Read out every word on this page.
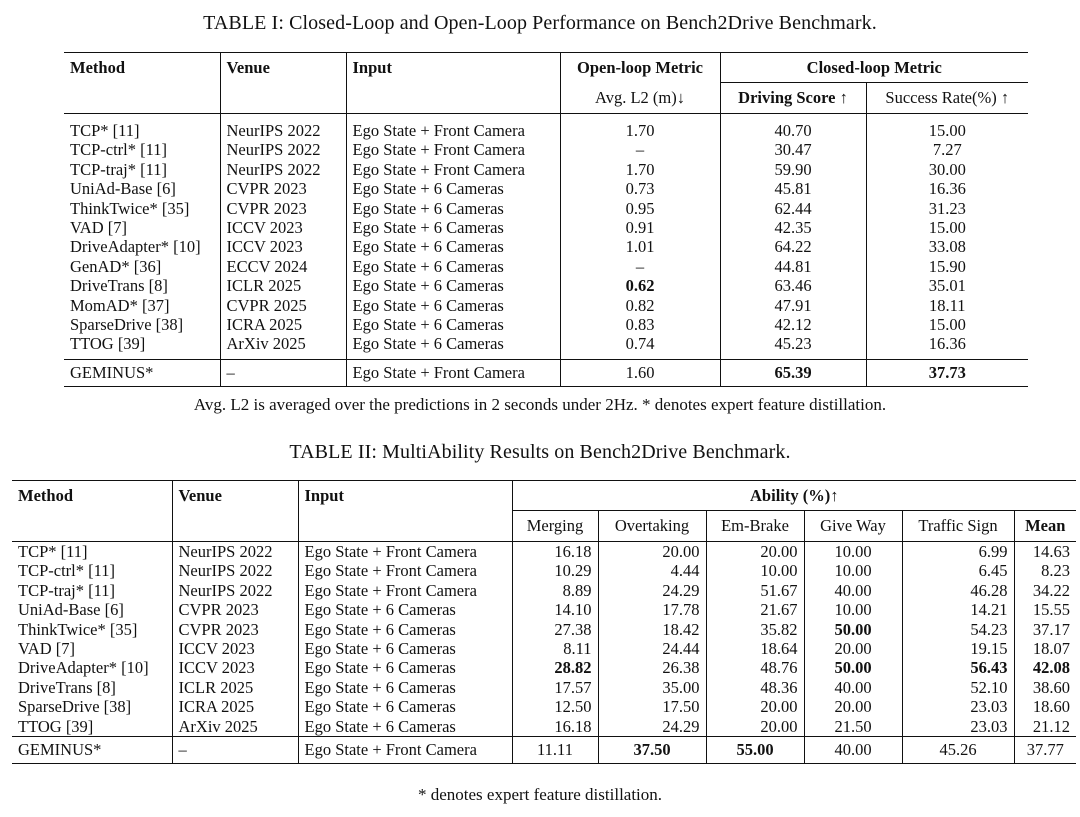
TABLE I: Closed-Loop and Open-Loop Performance on Bench2Drive Benchmark.
Method	Venue	Input	Open-loop Metric	Closed-loop Metric	
			Avg. L2 (m)↓	Driving Score ↑	Success Rate(%) ↑
TCP* [11]	NeurIPS 2022	Ego State + Front Camera	1.70	40.70	15.00
TCP-ctrl* [11]	NeurIPS 2022	Ego State + Front Camera	–	30.47	7.27
TCP-traj* [11]	NeurIPS 2022	Ego State + Front Camera	1.70	59.90	30.00
UniAd-Base [6]	CVPR 2023	Ego State + 6 Cameras	0.73	45.81	16.36
ThinkTwice* [35]	CVPR 2023	Ego State + 6 Cameras	0.95	62.44	31.23
VAD [7]	ICCV 2023	Ego State + 6 Cameras	0.91	42.35	15.00
DriveAdapter* [10]	ICCV 2023	Ego State + 6 Cameras	1.01	64.22	33.08
GenAD* [36]	ECCV 2024	Ego State + 6 Cameras	–	44.81	15.90
DriveTrans [8]	ICLR 2025	Ego State + 6 Cameras	0.62	63.46	35.01
MomAD* [37]	CVPR 2025	Ego State + 6 Cameras	0.82	47.91	18.11
SparseDrive [38]	ICRA 2025	Ego State + 6 Cameras	0.83	42.12	15.00
TTOG [39]	ArXiv 2025	Ego State + 6 Cameras	0.74	45.23	16.36
GEMINUS*	–	Ego State + Front Camera	1.60	65.39	37.73
Avg. L2 is averaged over the predictions in 2 seconds under 2Hz. * denotes expert feature distillation.
TABLE II: MultiAbility Results on Bench2Drive Benchmark.
Method	Venue	Input	Ability (%)↑					
			Merging	Overtaking	Em-Brake	Give Way	Traffic Sign	Mean
TCP* [11]	NeurIPS 2022	Ego State + Front Camera	16.18	20.00	20.00	10.00	6.99	14.63
TCP-ctrl* [11]	NeurIPS 2022	Ego State + Front Camera	10.29	4.44	10.00	10.00	6.45	8.23
TCP-traj* [11]	NeurIPS 2022	Ego State + Front Camera	8.89	24.29	51.67	40.00	46.28	34.22
UniAd-Base [6]	CVPR 2023	Ego State + 6 Cameras	14.10	17.78	21.67	10.00	14.21	15.55
ThinkTwice* [35]	CVPR 2023	Ego State + 6 Cameras	27.38	18.42	35.82	50.00	54.23	37.17
VAD [7]	ICCV 2023	Ego State + 6 Cameras	8.11	24.44	18.64	20.00	19.15	18.07
DriveAdapter* [10]	ICCV 2023	Ego State + 6 Cameras	28.82	26.38	48.76	50.00	56.43	42.08
DriveTrans [8]	ICLR 2025	Ego State + 6 Cameras	17.57	35.00	48.36	40.00	52.10	38.60
SparseDrive [38]	ICRA 2025	Ego State + 6 Cameras	12.50	17.50	20.00	20.00	23.03	18.60
TTOG [39]	ArXiv 2025	Ego State + 6 Cameras	16.18	24.29	20.00	21.50	23.03	21.12
GEMINUS*	–	Ego State + Front Camera	11.11	37.50	55.00	40.00	45.26	37.77
* denotes expert feature distillation.
